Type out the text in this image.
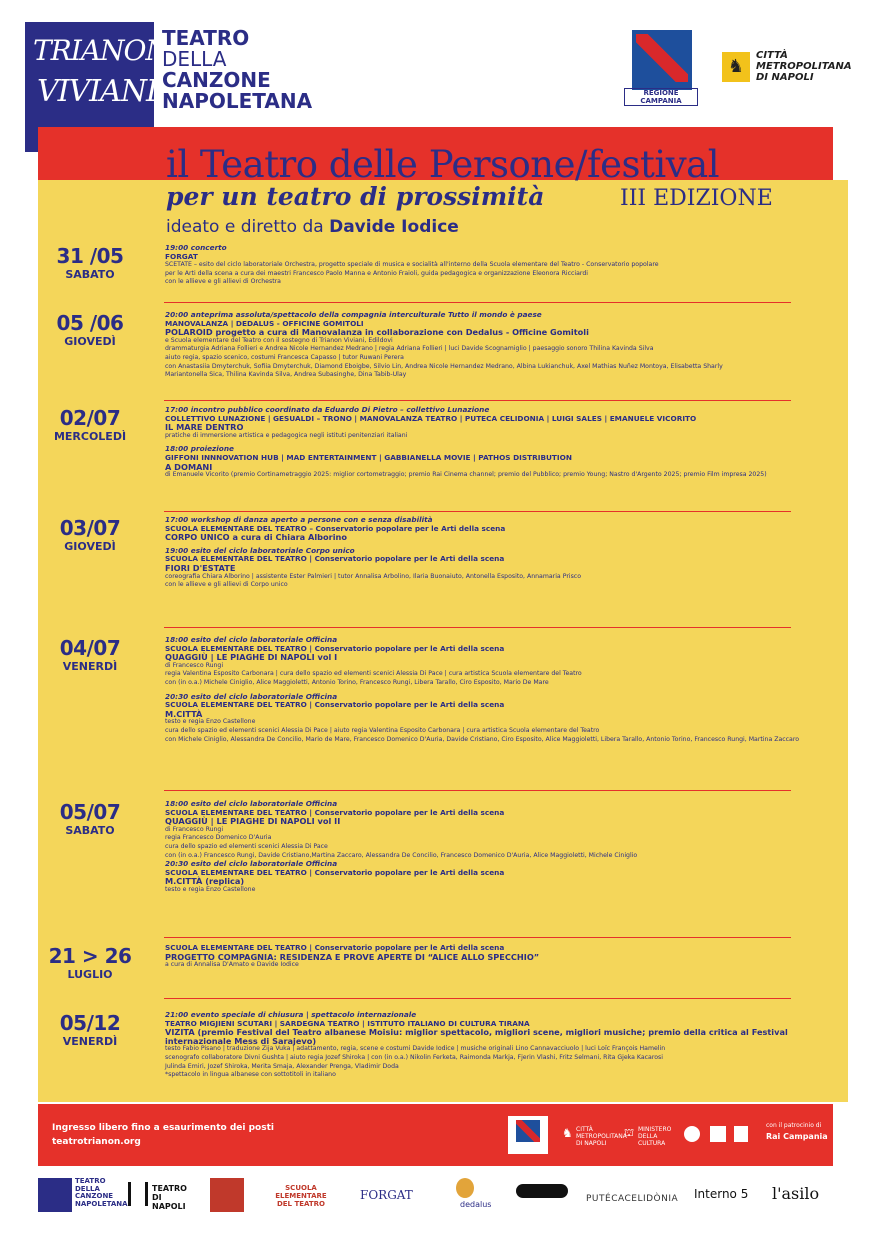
TRIANON
VIVIANI
TEATRO
DELLA
CANZONE
NAPOLETANA	REGIONE CAMPANIA
♞
CITTÀ
METROPOLITANA
DI NAPOLI
il Teatro delle Persone/festival
per un teatro di prossimità	III EDIZIONE
ideato e diretto da Davide Iodice
31 /05
SABATO
19:00 concerto
FORGAT
SCETATE – esito del ciclo laboratoriale Orchestra, progetto speciale di musica e socialità all'interno della Scuola elementare del Teatro - Conservatorio popolare
per le Arti della scena a cura dei maestri Francesco Paolo Manna e Antonio Fraioli, guida pedagogica e organizzazione Eleonora Ricciardi
con le allieve e gli allievi di Orchestra
05 /06
GIOVEDÌ
20:00 anteprima assoluta/spettacolo della compagnia interculturale Tutto il mondo è paese
MANOVALANZA | DEDALUS - OFFICINE GOMITOLI
POLAROID progetto a cura di Manovalanza in collaborazione con Dedalus - Officine Gomitoli
e Scuola elementare del Teatro con il sostegno di Trianon Viviani, Edildovi
drammaturgia Adriana Follieri e Andrea Nicole Hernandez Medrano | regia Adriana Follieri | luci Davide Scognamiglio | paesaggio sonoro Thilina Kavinda Silva
aiuto regia, spazio scenico, costumi Francesca Capasso | tutor Ruwani Perera
con Anastasiia Dmyterchuk, Sofiia Dmyterchuk, Diamond Eboigbe, Silvio Lin, Andrea Nicole Hernandez Medrano, Albina Lukianchuk, Axel Mathias Nuñez Montoya, Elisabetta Sharly
Mariantonella Sica, Thilina Kavinda Silva, Andrea Subasinghe, Dina Tabib-Ulay
02/07
MERCOLEDÌ
17:00 incontro pubblico coordinato da Eduardo Di Pietro – collettivo Lunazione
COLLETTIVO LUNAZIONE | GESUALDI – TRONO | MANOVALANZA TEATRO | PUTECA CELIDONIA | LUIGI SALES | EMANUELE VICORITO
IL MARE DENTRO
pratiche di immersione artistica e pedagogica negli istituti penitenziari italiani
18:00 proiezione
GIFFONI INNNOVATION HUB | MAD ENTERTAINMENT | GABBIANELLA MOVIE | PATHOS DISTRIBUTION
A DOMANI
di Emanuele Vicorito (premio Cortinametraggio 2025: miglior cortometraggio; premio Rai Cinema channel; premio del Pubblico; premio Young; Nastro d'Argento 2025; premio Film impresa 2025)
03/07
GIOVEDÌ
17:00 workshop di danza aperto a persone con e senza disabilità
SCUOLA ELEMENTARE DEL TEATRO – Conservatorio popolare per le Arti della scena
CORPO UNICO a cura di Chiara Alborino
19:00 esito del ciclo laboratoriale Corpo unico
SCUOLA ELEMENTARE DEL TEATRO | Conservatorio popolare per le Arti della scena
FIORI D'ESTATE
coreografia Chiara Alborino | assistente Ester Palmieri | tutor Annalisa Arbolino, Ilaria Buonaiuto, Antonella Esposito, Annamaria Prisco
con le allieve e gli allievi di Corpo unico
04/07
VENERDÌ
18:00 esito del ciclo laboratoriale Officina
SCUOLA ELEMENTARE DEL TEATRO | Conservatorio popolare per le Arti della scena
QUAGGIÙ | LE PIAGHE DI NAPOLI vol I
di Francesco Rungi
regia Valentina Esposito Carbonara | cura dello spazio ed elementi scenici Alessia Di Pace | cura artistica Scuola elementare del Teatro
con (in o.a.) Michele Ciniglio, Alice Maggioletti, Antonio Torino, Francesco Rungi, Libera Tarallo, Ciro Esposito, Mario De Mare
20:30 esito del ciclo laboratoriale Officina
SCUOLA ELEMENTARE DEL TEATRO | Conservatorio popolare per le Arti della scena
M.CITTÀ
testo e regia Enzo Castellone
cura dello spazio ed elementi scenici Alessia Di Pace | aiuto regia Valentina Esposito Carbonara | cura artistica Scuola elementare del Teatro
con Michele Ciniglio, Alessandra De Concilio, Mario de Mare, Francesco Domenico D'Auria, Davide Cristiano, Ciro Esposito, Alice Maggioletti, Libera Tarallo, Antonio Torino, Francesco Rungi, Martina Zaccaro
05/07
SABATO
18:00 esito del ciclo laboratoriale Officina
SCUOLA ELEMENTARE DEL TEATRO | Conservatorio popolare per le Arti della scena
QUAGGIÙ | LE PIAGHE DI NAPOLI vol II
di Francesco Rungi
regia Francesco Domenico D'Auria
cura dello spazio ed elementi scenici Alessia Di Pace
con (in o.a.) Francesco Rungi, Davide Cristiano,Martina Zaccaro, Alessandra De Concilio, Francesco Domenico D'Auria, Alice Maggioletti, Michele Ciniglio
20:30 esito del ciclo laboratoriale Officina
SCUOLA ELEMENTARE DEL TEATRO | Conservatorio popolare per le Arti della scena
M.CITTÀ (replica)
testo e regia Enzo Castellone
21 > 26
LUGLIO
SCUOLA ELEMENTARE DEL TEATRO | Conservatorio popolare per le Arti della scena
PROGETTO COMPAGNIA: RESIDENZA E PROVE APERTE DI “ALICE ALLO SPECCHIO”
a cura di Annalisa D'Amato e Davide Iodice
05/12
VENERDÌ
21:00 evento speciale di chiusura | spettacolo internazionale
TEATRO MIGJIENI SCUTARI | SARDEGNA TEATRO | ISTITUTO ITALIANO DI CULTURA TIRANA
VIZITA (premio Festival del Teatro albanese Moisiu: miglior spettacolo, migliori scene, migliori musiche; premio della critica al Festival internazionale Mess di Sarajevo)
testo Fabio Pisano | traduzione Zija Vuka | adattamento, regia, scene e costumi Davide Iodice | musiche originali Lino Cannavacciuolo | luci Loïc François Hamelin
scenografo collaboratore Divni Gushta | aiuto regia Jozef Shiroka | con (in o.a.) Nikolin Ferketa, Raimonda Markja, Fjerin Vlashi, Fritz Selmani, Rita Gjeka Kacarosi
Julinda Emiri, Jozef Shiroka, Merita Smaja, Alexander Prenga, Vladimir Doda
*spettacolo in lingua albanese con sottotitoli in italiano
Ingresso libero fino a esaurimento dei posti
teatrotrianon.org
♞ CITTÀ METROPOLITANA DI NAPOLI
⛫ MINISTERO DELLA CULTURA
con il patrocinio di
Rai Campania
TEATRO
DELLA
CANZONE
NAPOLETANA
TEATRO DI NAPOLI
SCUOLA ELEMENTARE DEL TEATRO
FORGAT
dedalus
PUTÉCACELIDÒNIA Interno 5 l'asilo
